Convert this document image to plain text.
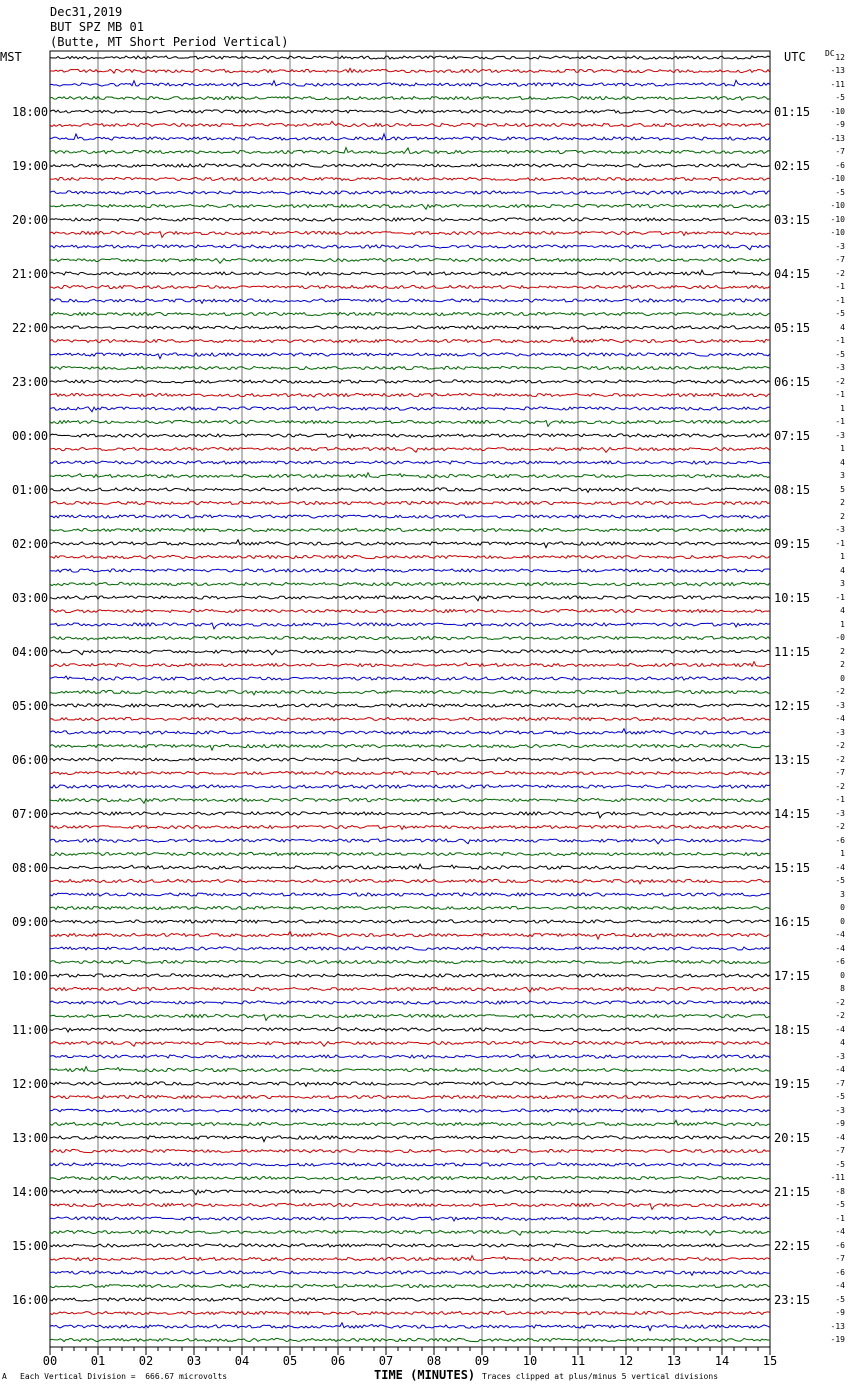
Dec31,2019
BUT SPZ MB 01
(Butte, MT Short Period Vertical)
MST	UTC DC
18:00
19:00
20:00
21:00
22:00
23:00
00:00
01:00
02:00
03:00
04:00
05:00
06:00
07:00
08:00
09:00
10:00
11:00
12:00
13:00
14:00
15:00
16:00
01:15
02:15
03:15
04:15
05:15
06:15
07:15
08:15
09:15
10:15
11:15
12:15
13:15
14:15
15:15
16:15
17:15
18:15
19:15
20:15
21:15
22:15
23:15
12
-13
-11
-5
-10
-9
-13
-7
-6
-10
-5
-10
-10
-10
-3
-7
-2
-1
-1
-5
4
-1
-5
-3
-2
-1
1
-1
-3
1
4
3
5
2
2
-3
-1
1
4
3
-1
4
1
-0
2
2
0
-2
-3
-4
-3
-2
-2
-7
-2
-1
-3
-2
-6
1
-4
-5
3
0
0
-4
-4
-6
0
8
-2
-2
-4
4
-3
-4
-7
-5
-3
-9
-4
-7
-5
-11
-8
-5
-1
-4
-6
-7
-6
-4
-5
-9
-13
-19
00	01	02	03	04	05	06	07	08	09	10	11	12	13	14	15
TIME (MINUTES)
A Each Vertical Division =  666.67 microvolts	Traces clipped at plus/minus 5 vertical divisions
